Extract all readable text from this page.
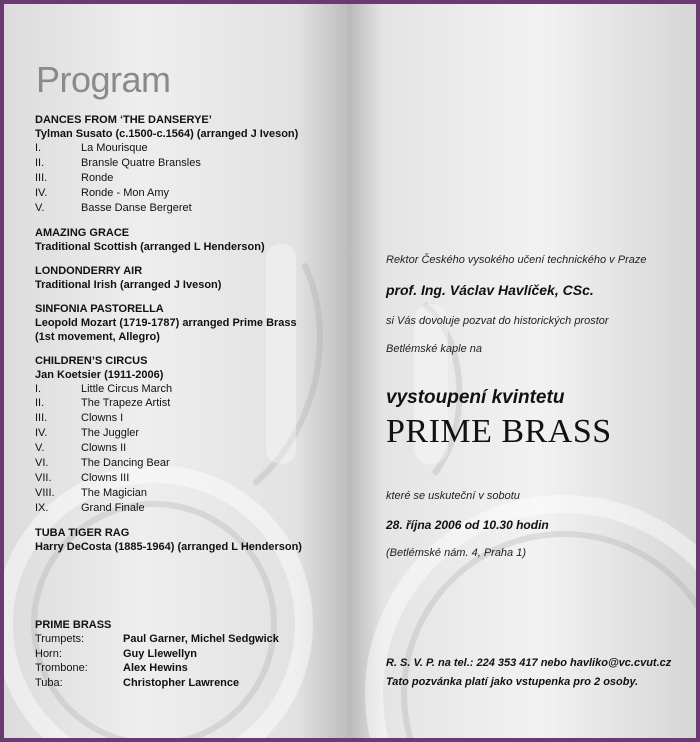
Program
DANCES FROM ‘THE DANSERYE’
Tylman Susato (c.1500-c.1564) (arranged J Iveson)
I.	La Mourisque
II.	Bransle Quatre Bransles
III.	Ronde
IV.	Ronde - Mon Amy
V.	Basse Danse Bergeret
AMAZING GRACE
Traditional Scottish (arranged L Henderson)
LONDONDERRY AIR
Traditional Irish (arranged J Iveson)
SINFONIA PASTORELLA
Leopold Mozart (1719-1787) arranged Prime Brass
(1st movement, Allegro)
CHILDREN’S CIRCUS
Jan Koetsier (1911-2006)
I.	Little Circus March
II.	The Trapeze Artist
III.	Clowns I
IV.	The Juggler
V.	Clowns II
VI.	The Dancing Bear
VII.	Clowns III
VIII.	The Magician
IX.	Grand Finale
TUBA TIGER RAG
Harry DeCosta (1885-1964) (arranged L Henderson)
PRIME BRASS
Trumpets:	Paul Garner, Michel Sedgwick
Horn:	Guy Llewellyn
Trombone:	Alex Hewins
Tuba:	Christopher Lawrence
Rektor Českého vysokého učení technického v Praze
prof. Ing. Václav Havlíček, CSc.
si Vás dovoluje pozvat do historických prostor
Betlémské kaple na
vystoupení kvintetu
PRIME BRASS
které se uskuteční v sobotu
28. října 2006 od 10.30 hodin
(Betlémské nám. 4, Praha 1)
R. S. V. P. na tel.: 224 353 417 nebo havliko@vc.cvut.cz
Tato pozvánka platí jako vstupenka pro 2 osoby.
